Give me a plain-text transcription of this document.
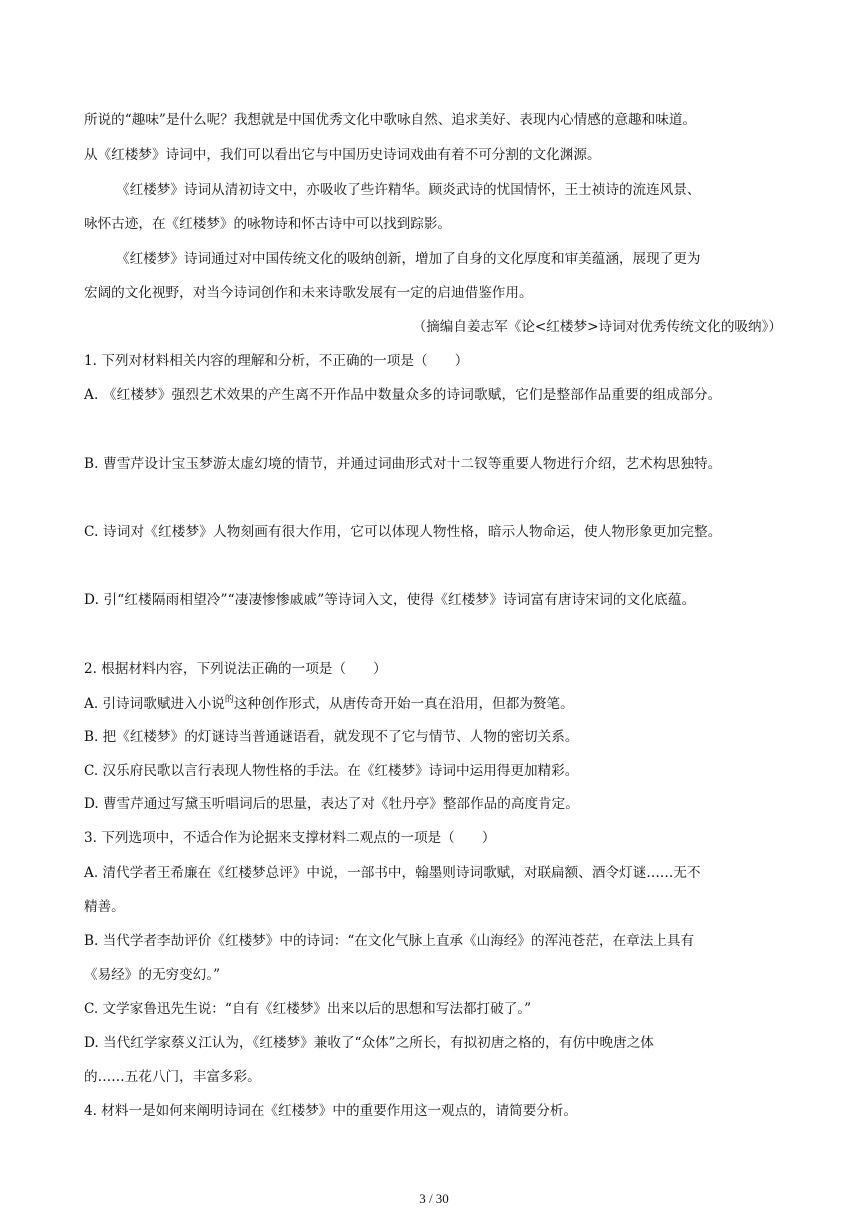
所说的“趣味”是什么呢？我想就是中国优秀文化中歌咏自然、追求美好、表现内心情感的意趣和味道。
从《红楼梦》诗词中，我们可以看出它与中国历史诗词戏曲有着不可分割的文化渊源。
《红楼梦》诗词从清初诗文中，亦吸收了些许精华。顾炎武诗的忧国情怀，王士祯诗的流连风景、
咏怀古迹，在《红楼梦》的咏物诗和怀古诗中可以找到踪影。
《红楼梦》诗词通过对中国传统文化的吸纳创新，增加了自身的文化厚度和审美蕴涵，展现了更为
宏阔的文化视野，对当今诗词创作和未来诗歌发展有一定的启迪借鉴作用。
（摘编自姜志军《论<红楼梦>诗词对优秀传统文化的吸纳》）
1. 下列对材料相关内容的理解和分析，不正确的一项是（　　）
A. 《红楼梦》强烈艺术效果的产生离不开作品中数量众多的诗词歌赋，它们是整部作品重要的组成部分。
B. 曹雪芹设计宝玉梦游太虚幻境的情节，并通过词曲形式对十二钗等重要人物进行介绍，艺术构思独特。
C. 诗词对《红楼梦》人物刻画有很大作用，它可以体现人物性格，暗示人物命运，使人物形象更加完整。
D. 引“红楼隔雨相望冷”“凄凄惨惨戚戚”等诗词入文，使得《红楼梦》诗词富有唐诗宋词的文化底蕴。
2. 根据材料内容，下列说法正确的一项是（　　）
A. 引诗词歌赋进入小说$^的$这种创作形式，从唐传奇开始一真在沿用，但都为赘笔。
B. 把《红楼梦》的灯谜诗当普通谜语看，就发现不了它与情节、人物的密切关系。
C. 汉乐府民歌以言行表现人物性格的手法。在《红楼梦》诗词中运用得更加精彩。
D. 曹雪芹通过写黛玉听唱词后的思量，表达了对《牡丹亭》整部作品的高度肯定。
3. 下列选项中，不适合作为论据来支撑材料二观点的一项是（　　）
A. 清代学者王希廉在《红楼梦总评》中说，一部书中，翰墨则诗词歌赋，对联扁额、酒令灯谜……无不
精善。
B. 当代学者李劼评价《红楼梦》中的诗词：“在文化气脉上直承《山海经》的浑沌苍茫，在章法上具有
《易经》的无穷变幻。”
C. 文学家鲁迅先生说：“自有《红楼梦》出来以后的思想和写法都打破了。”
D. 当代红学家蔡义江认为，《红楼梦》兼收了“众体”之所长，有拟初唐之格的，有仿中晚唐之体
的……五花八门，丰富多彩。
4. 材料一是如何来阐明诗词在《红楼梦》中的重要作用这一观点的，请简要分析。
3 / 30
